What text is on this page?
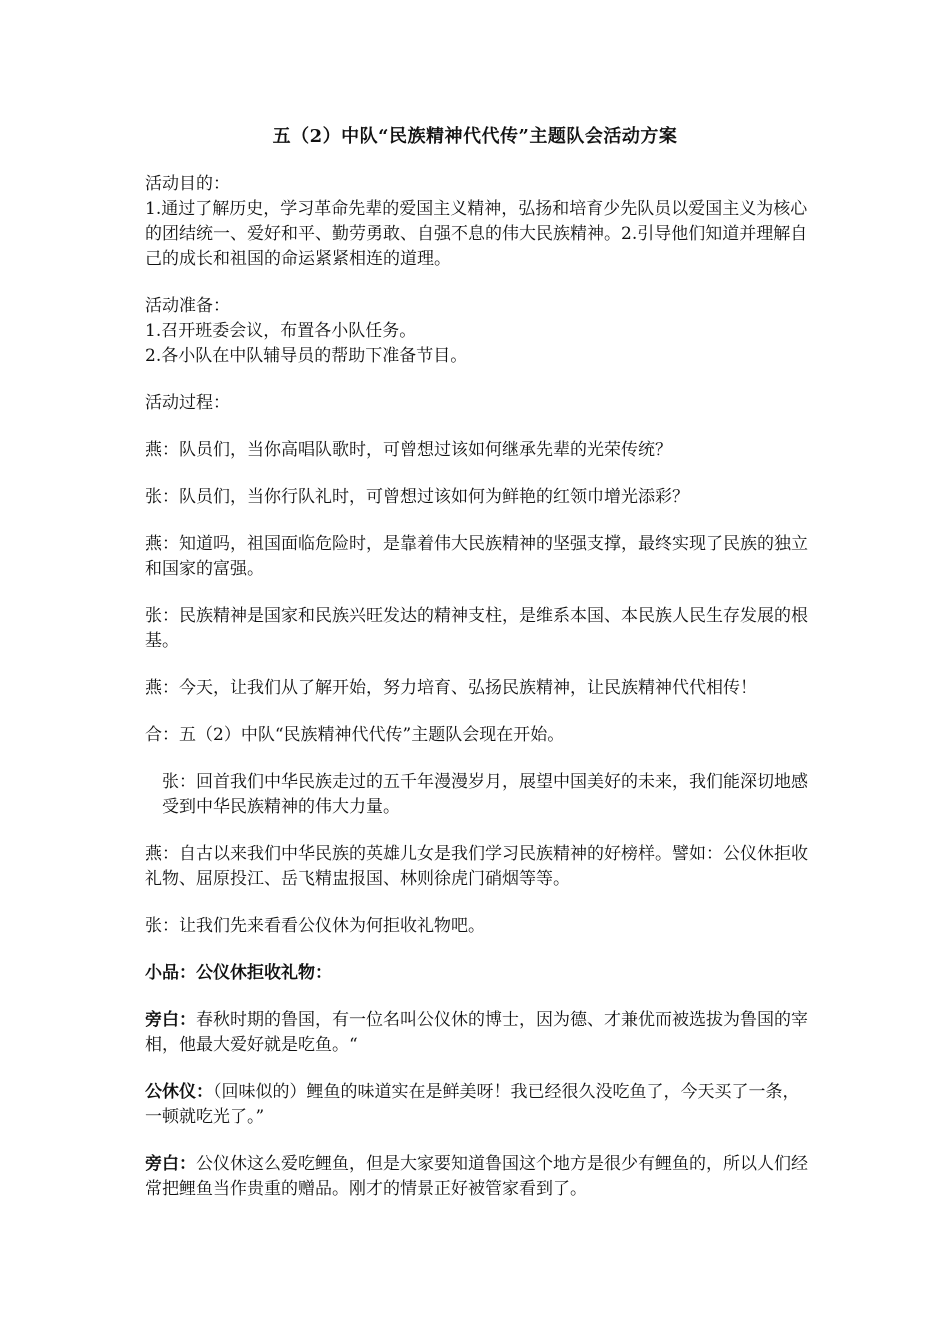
五（2）中队“民族精神代代传”主题队会活动方案

活动目的：

1.通过了解历史，学习革命先辈的爱国主义精神，弘扬和培育少先队员以爱国主义为核心的团结统一、爱好和平、勤劳勇敢、自强不息的伟大民族精神。2.引导他们知道并理解自己的成长和祖国的命运紧紧相连的道理。

活动准备：

1.召开班委会议，布置各小队任务。

2.各小队在中队辅导员的帮助下准备节目。

活动过程：

燕：队员们，当你高唱队歌时，可曾想过该如何继承先辈的光荣传统？

张：队员们，当你行队礼时，可曾想过该如何为鲜艳的红领巾增光添彩？

燕：知道吗，祖国面临危险时，是靠着伟大民族精神的坚强支撑，最终实现了民族的独立和国家的富强。

张：民族精神是国家和民族兴旺发达的精神支柱，是维系本国、本民族人民生存发展的根基。

燕：今天，让我们从了解开始，努力培育、弘扬民族精神，让民族精神代代相传！

合：五（2）中队“民族精神代代传”主题队会现在开始。

张：回首我们中华民族走过的五千年漫漫岁月，展望中国美好的未来，我们能深切地感受到中华民族精神的伟大力量。

燕：自古以来我们中华民族的英雄儿女是我们学习民族精神的好榜样。譬如：公仪休拒收礼物、屈原投江、岳飞精盅报国、林则徐虎门硝烟等等。

张：让我们先来看看公仪休为何拒收礼物吧。

小品：公仪休拒收礼物：

旁白：春秋时期的鲁国，有一位名叫公仪休的博士，因为德、才兼优而被选拔为鲁国的宰相，他最大爱好就是吃鱼。“

公休仪：（回味似的）鲤鱼的味道实在是鲜美呀！我已经很久没吃鱼了，今天买了一条，一顿就吃光了。”

旁白：公仪休这么爱吃鲤鱼，但是大家要知道鲁国这个地方是很少有鲤鱼的，所以人们经常把鲤鱼当作贵重的赠品。刚才的情景正好被管家看到了。
